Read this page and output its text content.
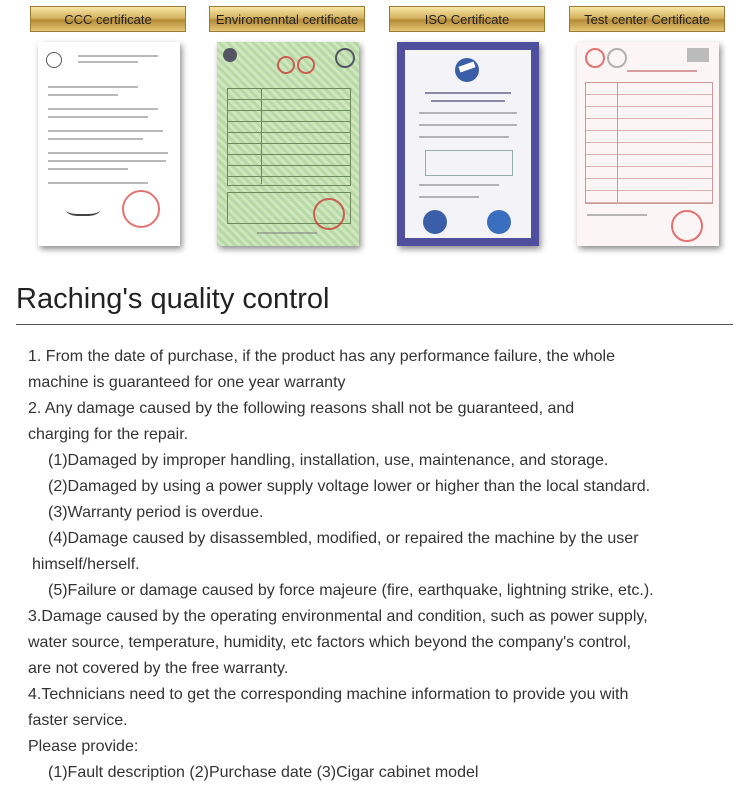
CCC certificate	Enviromenntal certificate	ISO Certificate	Test center Certificate
Raching's quality control

1. From the date of purchase, if the product has any performance failure, the whole

machine is guaranteed for one year warranty

2. Any damage caused by the following reasons shall not be guaranteed, and

charging for the repair.

(1)Damaged by improper handling, installation, use, maintenance, and storage.

(2)Damaged by using a power supply voltage lower or higher than the local standard.

(3)Warranty period is overdue.

(4)Damage caused by disassembled, modified, or repaired the machine by the user

himself/herself.

(5)Failure or damage caused by force majeure (fire, earthquake, lightning strike, etc.).

3.Damage caused by the operating environmental and condition, such as power supply,

water source, temperature, humidity, etc factors which beyond the company's control,

are not covered by the free warranty.

4.Technicians need to get the corresponding machine information to provide you with

faster service.

Please provide:

(1)Fault description (2)Purchase date (3)Cigar cabinet model
